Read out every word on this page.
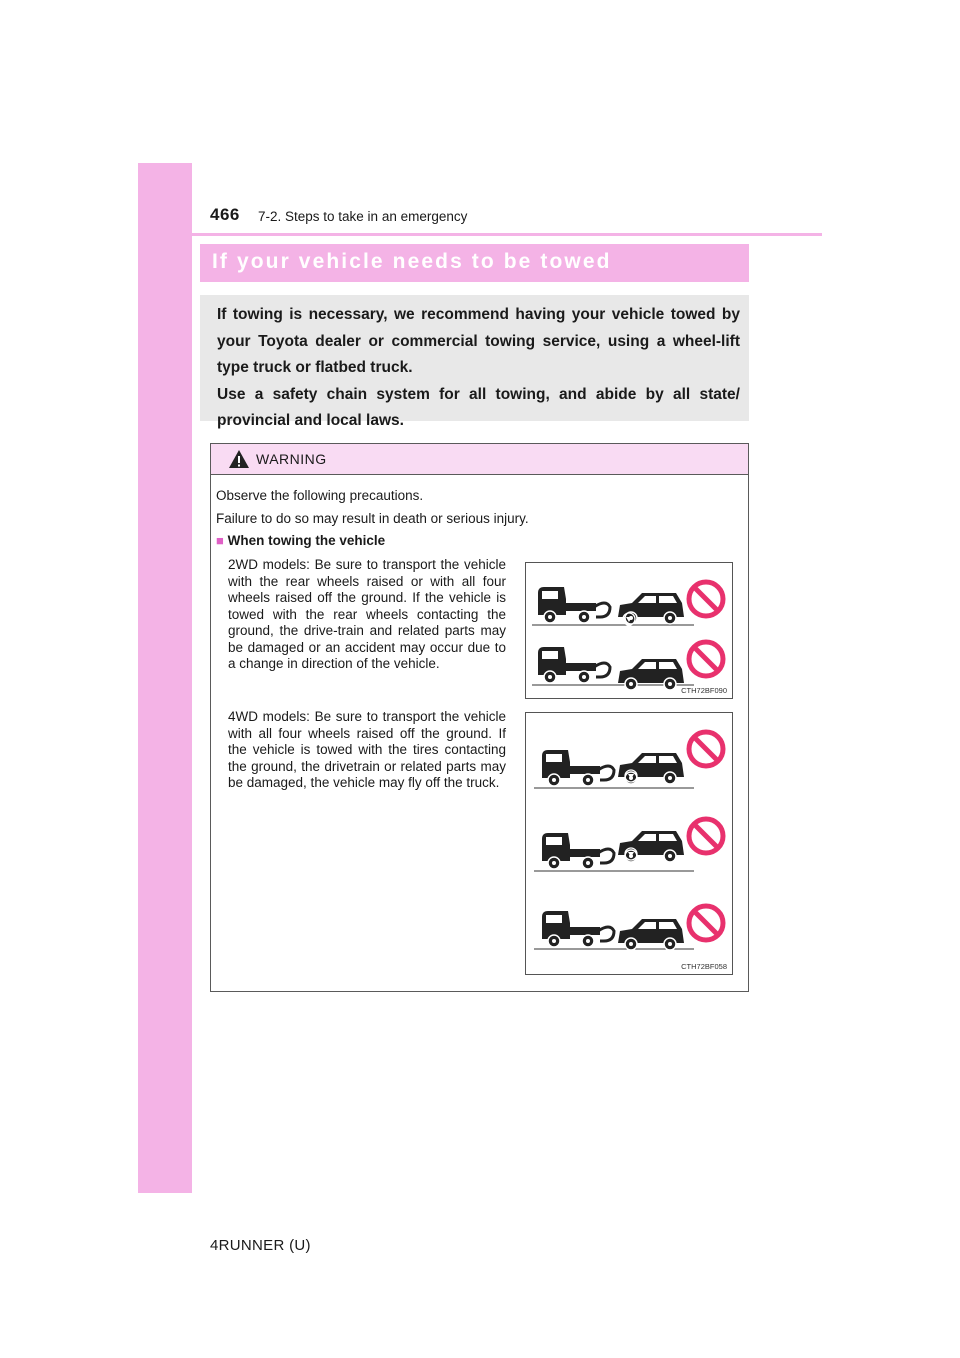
466 7-2. Steps to take in an emergency
If your vehicle needs to be towed

If towing is necessary, we recommend having your vehicle towed by your Toyota dealer or commercial towing service, using a wheel-lift type truck or flatbed truck.

Use a safety chain system for all towing, and abide by all state/ provincial and local laws.

WARNING
Observe the following precautions.
Failure to do so may result in death or serious injury.
■ When towing the vehicle

2WD models: Be sure to transport the vehicle with the rear wheels raised or with all four wheels raised off the ground. If the vehicle is towed with the rear wheels contacting the ground, the drive-train and related parts may be damaged or an accident may occur due to a change in direction of the vehicle.

4WD models: Be sure to transport the vehicle with all four wheels raised off the ground. If the vehicle is towed with the tires contacting the ground, the drivetrain or related parts may be damaged, the vehicle may fly off the truck.

CTH72BF090
CTH72BF058
4RUNNER (U)
